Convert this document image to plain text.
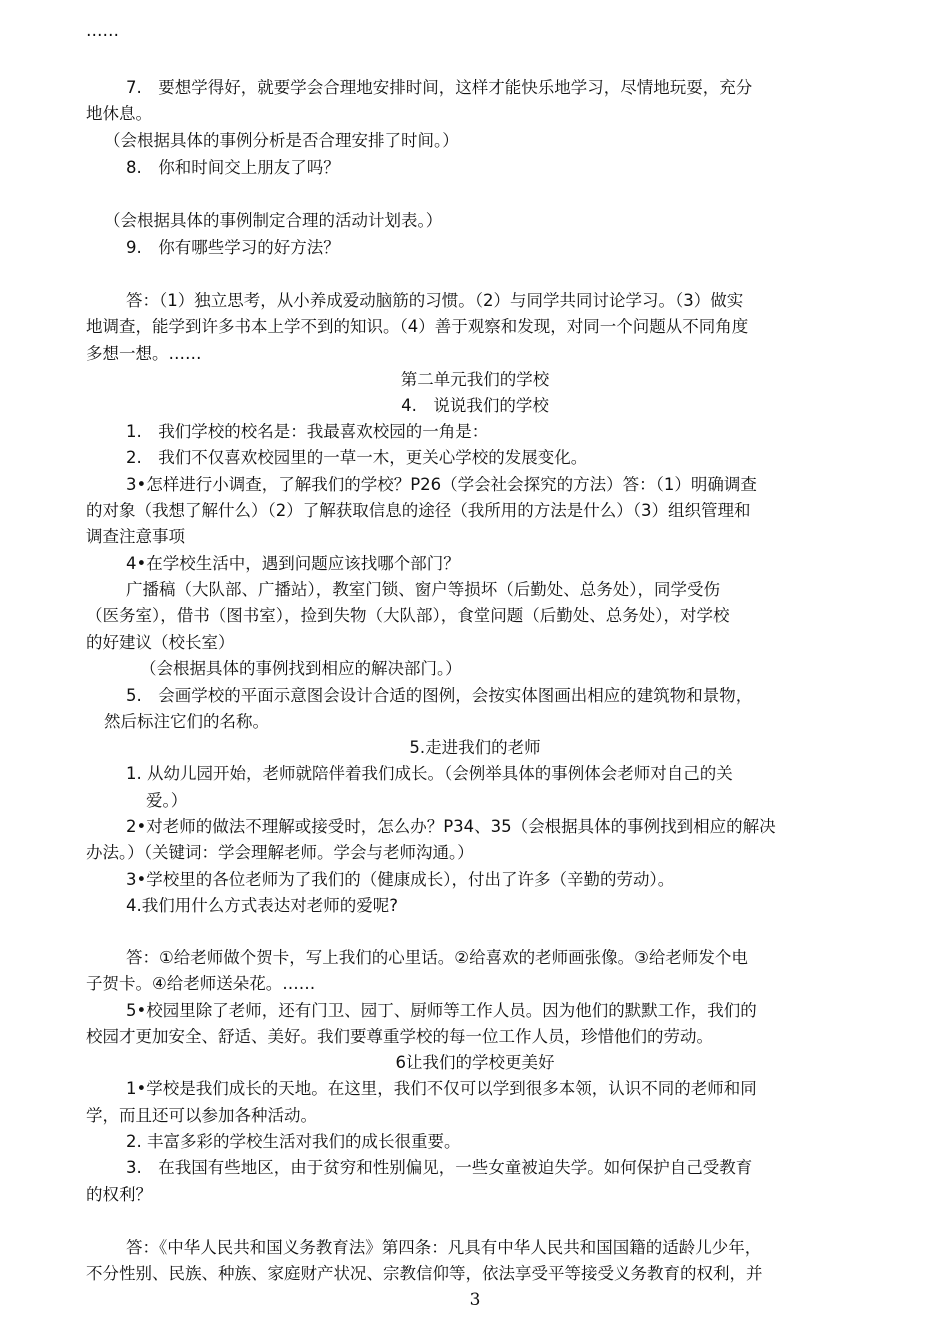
……
7.　要想学得好，就要学会合理地安排时间，这样才能快乐地学习，尽情地玩耍，充分
地休息。
（会根据具体的事例分析是否合理安排了时间。）
8.　你和时间交上朋友了吗？
（会根据具体的事例制定合理的活动计划表。）
9.　你有哪些学习的好方法？
答：（1）独立思考，从小养成爱动脑筋的习惯。（2）与同学共同讨论学习。（3）做实
地调查，能学到许多书本上学不到的知识。（4）善于观察和发现，对同一个问题从不同角度
多想一想。……
第二单元我们的学校
4.　说说我们的学校
1.　我们学校的校名是：我最喜欢校园的一角是：
2.　我们不仅喜欢校园里的一草一木，更关心学校的发展变化。
3•怎样进行小调查，了解我们的学校？P26（学会社会探究的方法）答：（1）明确调查
的对象（我想了解什么）（2）了解获取信息的途径（我所用的方法是什么）（3）组织管理和
调查注意事项
4•在学校生活中，遇到问题应该找哪个部门？
广播稿（大队部、广播站），教室门锁、窗户等损坏（后勤处、总务处），同学受伤
（医务室），借书（图书室），捡到失物（大队部），食堂问题（后勤处、总务处），对学校
的好建议（校长室）
（会根据具体的事例找到相应的解决部门。）
5.　会画学校的平面示意图会设计合适的图例，会按实体图画出相应的建筑物和景物，
然后标注它们的名称。
5.走进我们的老师
1. 从幼儿园开始，老师就陪伴着我们成长。（会例举具体的事例体会老师对自己的关
爱。）
2•对老师的做法不理解或接受时，怎么办？P34、35（会根据具体的事例找到相应的解决
办法。）（关键词：学会理解老师。学会与老师沟通。）
3•学校里的各位老师为了我们的（健康成长），付出了许多（辛勤的劳动）。
4.我们用什么方式表达对老师的爱呢?
答：①给老师做个贺卡，写上我们的心里话。②给喜欢的老师画张像。③给老师发个电
子贺卡。④给老师送朵花。……
5•校园里除了老师，还有门卫、园丁、厨师等工作人员。因为他们的默默工作，我们的
校园才更加安全、舒适、美好。我们要尊重学校的每一位工作人员，珍惜他们的劳动。
6让我们的学校更美好
1•学校是我们成长的天地。在这里，我们不仅可以学到很多本领，认识不同的老师和同
学，而且还可以参加各种活动。
2. 丰富多彩的学校生活对我们的成长很重要。
3.　在我国有些地区，由于贫穷和性别偏见，一些女童被迫失学。如何保护自己受教育
的权利？
答：《中华人民共和国义务教育法》第四条：凡具有中华人民共和国国籍的适龄儿少年，
不分性别、民族、种族、家庭财产状况、宗教信仰等，依法享受平等接受义务教育的权利，并
3
